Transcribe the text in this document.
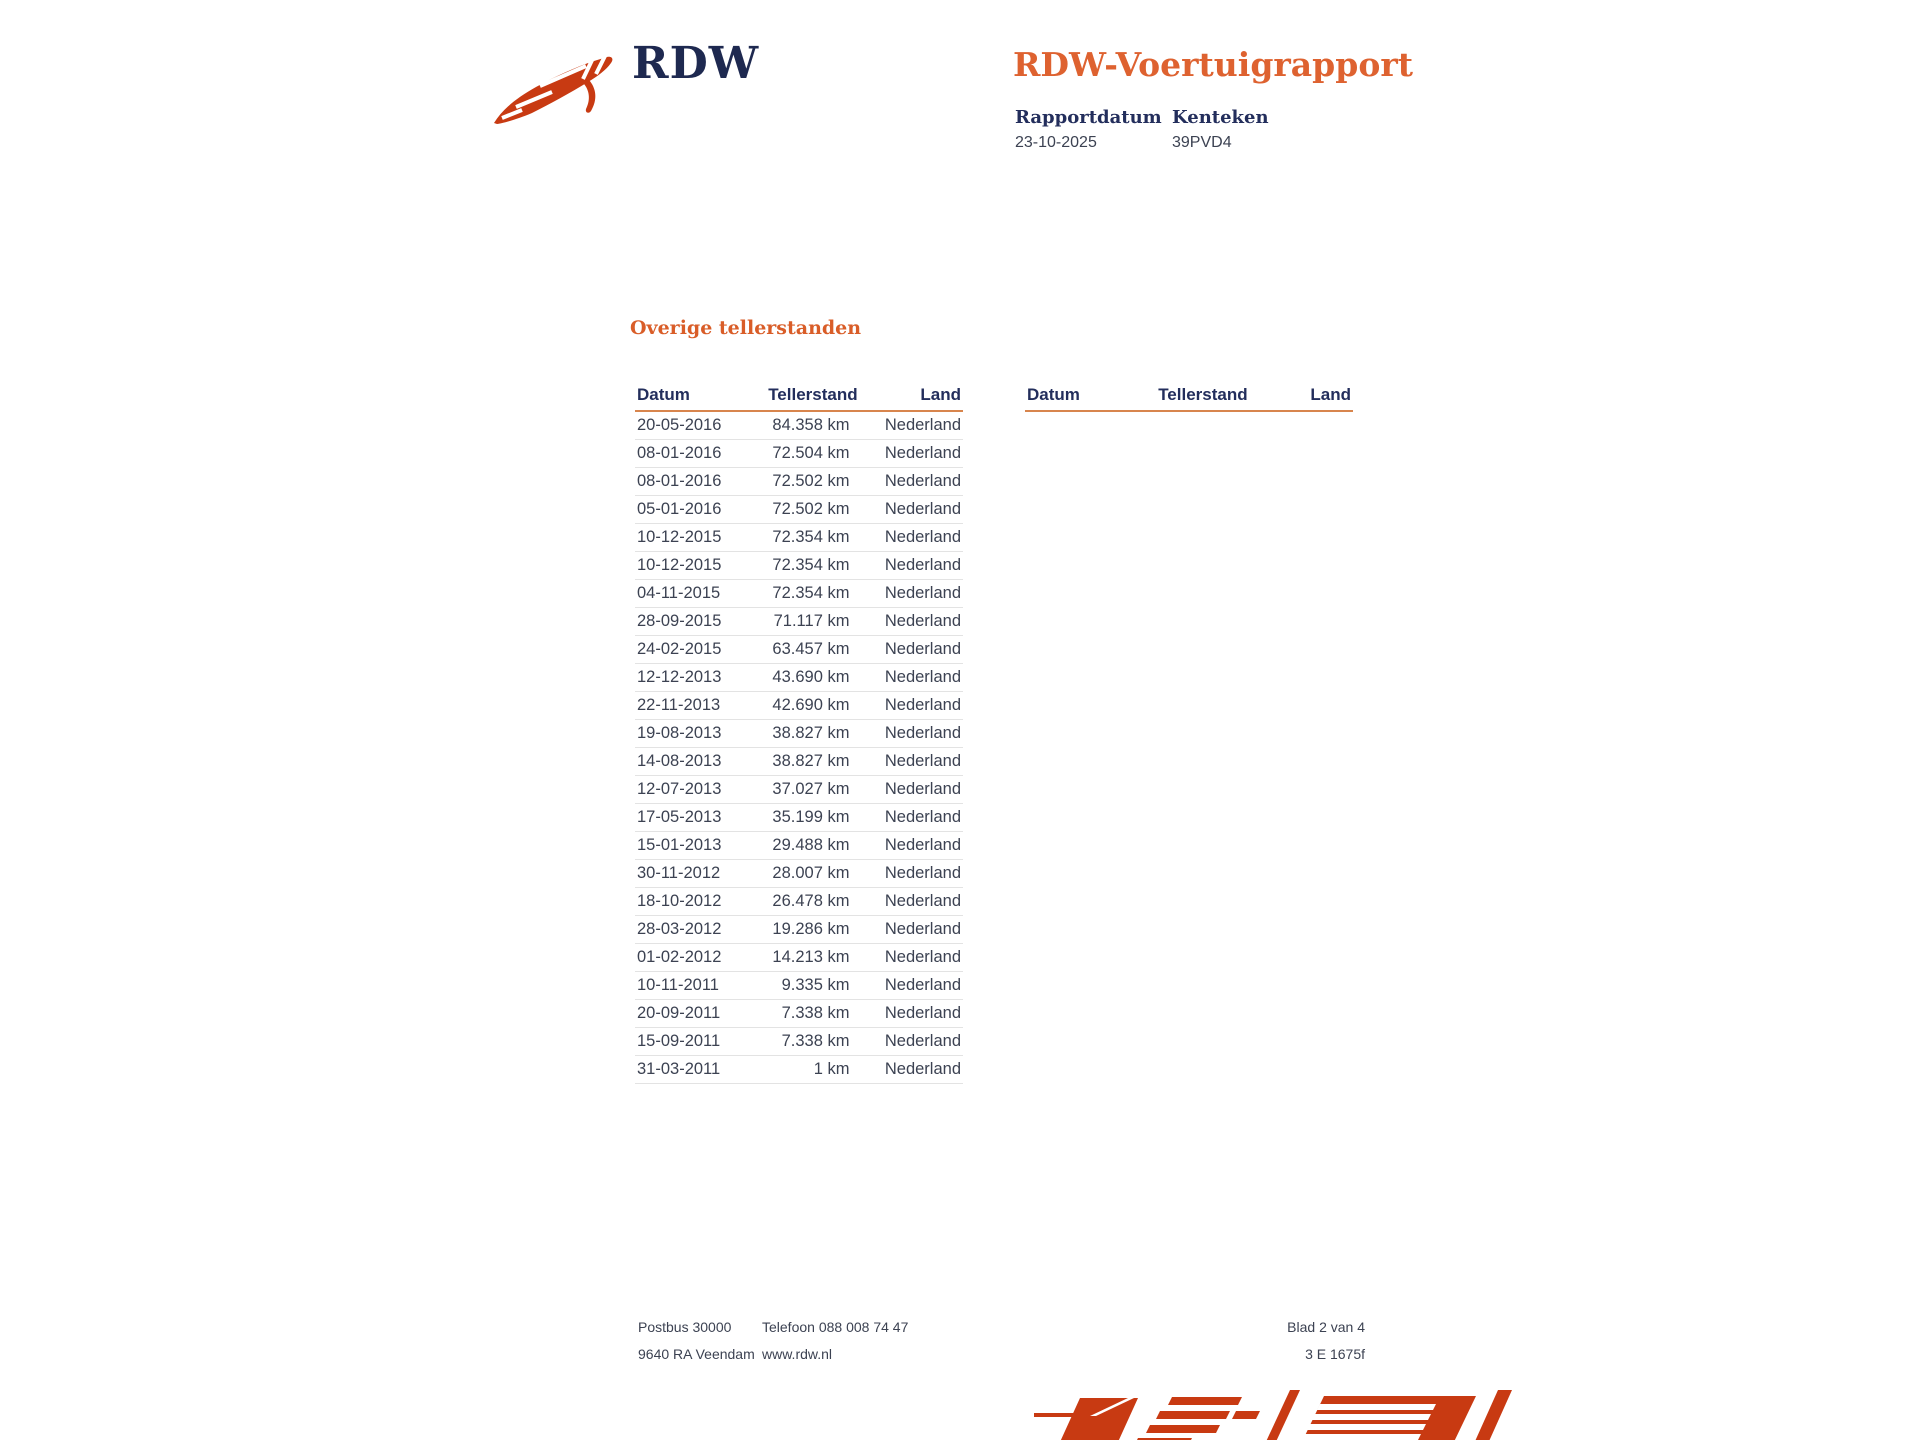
RDW	RDW-Voertuigrapport
Rapportdatum
23-10-2025
Kenteken
39PVD4
Overige tellerstanden
Datum	Tellerstand	Land
20-05-2016	84.358 km	Nederland
08-01-2016	72.504 km	Nederland
08-01-2016	72.502 km	Nederland
05-01-2016	72.502 km	Nederland
10-12-2015	72.354 km	Nederland
10-12-2015	72.354 km	Nederland
04-11-2015	72.354 km	Nederland
28-09-2015	71.117 km	Nederland
24-02-2015	63.457 km	Nederland
12-12-2013	43.690 km	Nederland
22-11-2013	42.690 km	Nederland
19-08-2013	38.827 km	Nederland
14-08-2013	38.827 km	Nederland
12-07-2013	37.027 km	Nederland
17-05-2013	35.199 km	Nederland
15-01-2013	29.488 km	Nederland
30-11-2012	28.007 km	Nederland
18-10-2012	26.478 km	Nederland
28-03-2012	19.286 km	Nederland
01-02-2012	14.213 km	Nederland
10-11-2011	9.335 km	Nederland
20-09-2011	7.338 km	Nederland
15-09-2011	7.338 km	Nederland
31-03-2011	1 km	Nederland
Datum	Tellerstand	Land
Postbus 30000
9640 RA Veendam
Telefoon 088 008 74 47
www.rdw.nl
Blad 2 van 4
3 E 1675f
